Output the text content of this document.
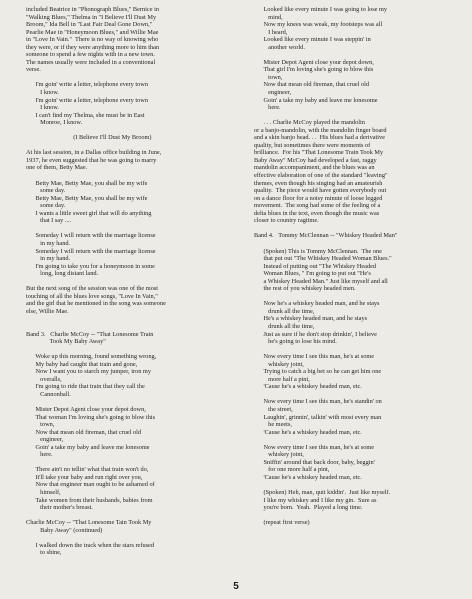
included Beatrice in "Phonograph Blues," Bernice in
"Walking Blues," Thelma in "I Believe I'll Dust My
Broom," Ida Bell in "Last Fair Deal Gone Down,"
Pearlie Mae in "Honeymoon Blues," and Willie Mae
in "Love In Vain."  There is no way of knowing who
they were, or if they were anything more to him than
someone to spend a few nights with in a new town.
The names usually were included in a conventional
verse.
I'm goin' write a letter, telephone every town
I know.
I'm goin' write a letter, telephone every town
I know.
I can't find my Thelma, she must be in East
Monroe, I know.
(I Believe I'll Dust My Broom)
At his last session, in a Dallas office building in June,
1937, he even suggested that he was going to marry
one of them, Betty Mae.
Betty Mae, Betty Mae, you shall be my wife
some day.
Betty Mae, Betty Mae, you shall be my wife
some day.
I wants a little sweet girl that will do anything
that I say ....
Someday I will return with the marriage license
in my hand.
Someday I will return with the marriage license
in my hand.
I'm going to take you for a honeymoon in some
long, long distant land.
But the next song of the session was one of the most
touching of all the blues love songs, "Love In Vain,"
and the girl that he mentioned in the song was someone
else, Willie Mae.
Band 3.   Charlie McCoy -- "That Lonesome Train
Took My Baby Away"
Woke up this morning, found something wrong,
My baby had caught that train and gone,
Now I want you to starch my jumper, iron my
overalls,
I'm going to ride that train that they call the
Cannonball.
Mister Depot Agent close your depot down,
That woman I'm loving she's going to blow this
town,
Now that mean old fireman, that cruel old
engineer,
Goin' a take my baby and leave me lonesome
here.
There ain't no tellin' what that train won't do,
It'll take your baby and run right over you,
Now that engineer man ought to be ashamed of
himself,
Take women from their husbands, babies from
their mother's breast.
Charlie McCoy -- "That Lonesome Tain Took My
Baby Away" (continued)
I walked down the track when the stars refused
to shine,
Looked like every minute I was going to lose my
mind,
Now my knees was weak, my footsteps was all
I heard,
Looked like every minute I was steppin' in
another world.
Mister Depot Agent close your depot down,
That girl I'm loving she's going to blow this
town,
Now that mean old fireman, that cruel old
engineer,
Goin' a take my baby and leave me lonesome
here.
. . . Charlie McCoy played the mandolin
or a banjo-mandolin, with the mandolin finger board
and a skin banjo head. . .  His blues had a derivative
quality, but sometimes there were moments of
brilliance.  For his "That Lonesome Train Took My
Baby Away" McCoy had developed a fast, raggy
mandolin accompaniment, and the blues was an
effective elaboration of one of the standard "leaving"
themes, even though his singing had an amateurish
quality.  The piece would have gotten everybody out
on a dance floor for a noisy minute of loose legged
movement.  The song had some of the feeling of a
delta blues in the text, even though the music was
closer to country ragtime.
Band 4.   Tommy McClennan -- "Whiskey Headed Man"
(Spoken) This is Tommy McClennan.  The one
that put out "The Whiskey Headed Woman Blues."
Instead of putting out "The Whiskey Headed
Woman Blues, " I'm going to put out "He's
a Whiskey Headed Man." Just like myself and all
the rest of you whiskey headed men.
Now he's a whiskey headed man, and he stays
drunk all the time,
He's a whiskey headed man, and he stays
drunk all the time,
Just as sure if he don't stop drinkin', I believe
he's going to lose his mind.
Now every time I see this man, he's at some
whiskey joint,
Trying to catch a big bet so he can get him one
more half a pint,
'Cause he's a whiskey headed man, etc.
Now every time I see this man, he's standin' on
the street,
Laughin', grinnin', talkin' with most every man
he meets,
'Cause he's a whiskey headed man, etc.
Now every time I see this man, he's at some
whiskey joint,
Sniffin' around that back door, baby, beggin'
for one more half a pint,
'Cause he's a whiskey headed man, etc.
(Spoken) Heh, man, quit kiddin'.  Just like myself.
I like my whiskey and I like my gin.  Sure as
you're born.  Yeah.  Played a long time.
(repeat first verse)
5
